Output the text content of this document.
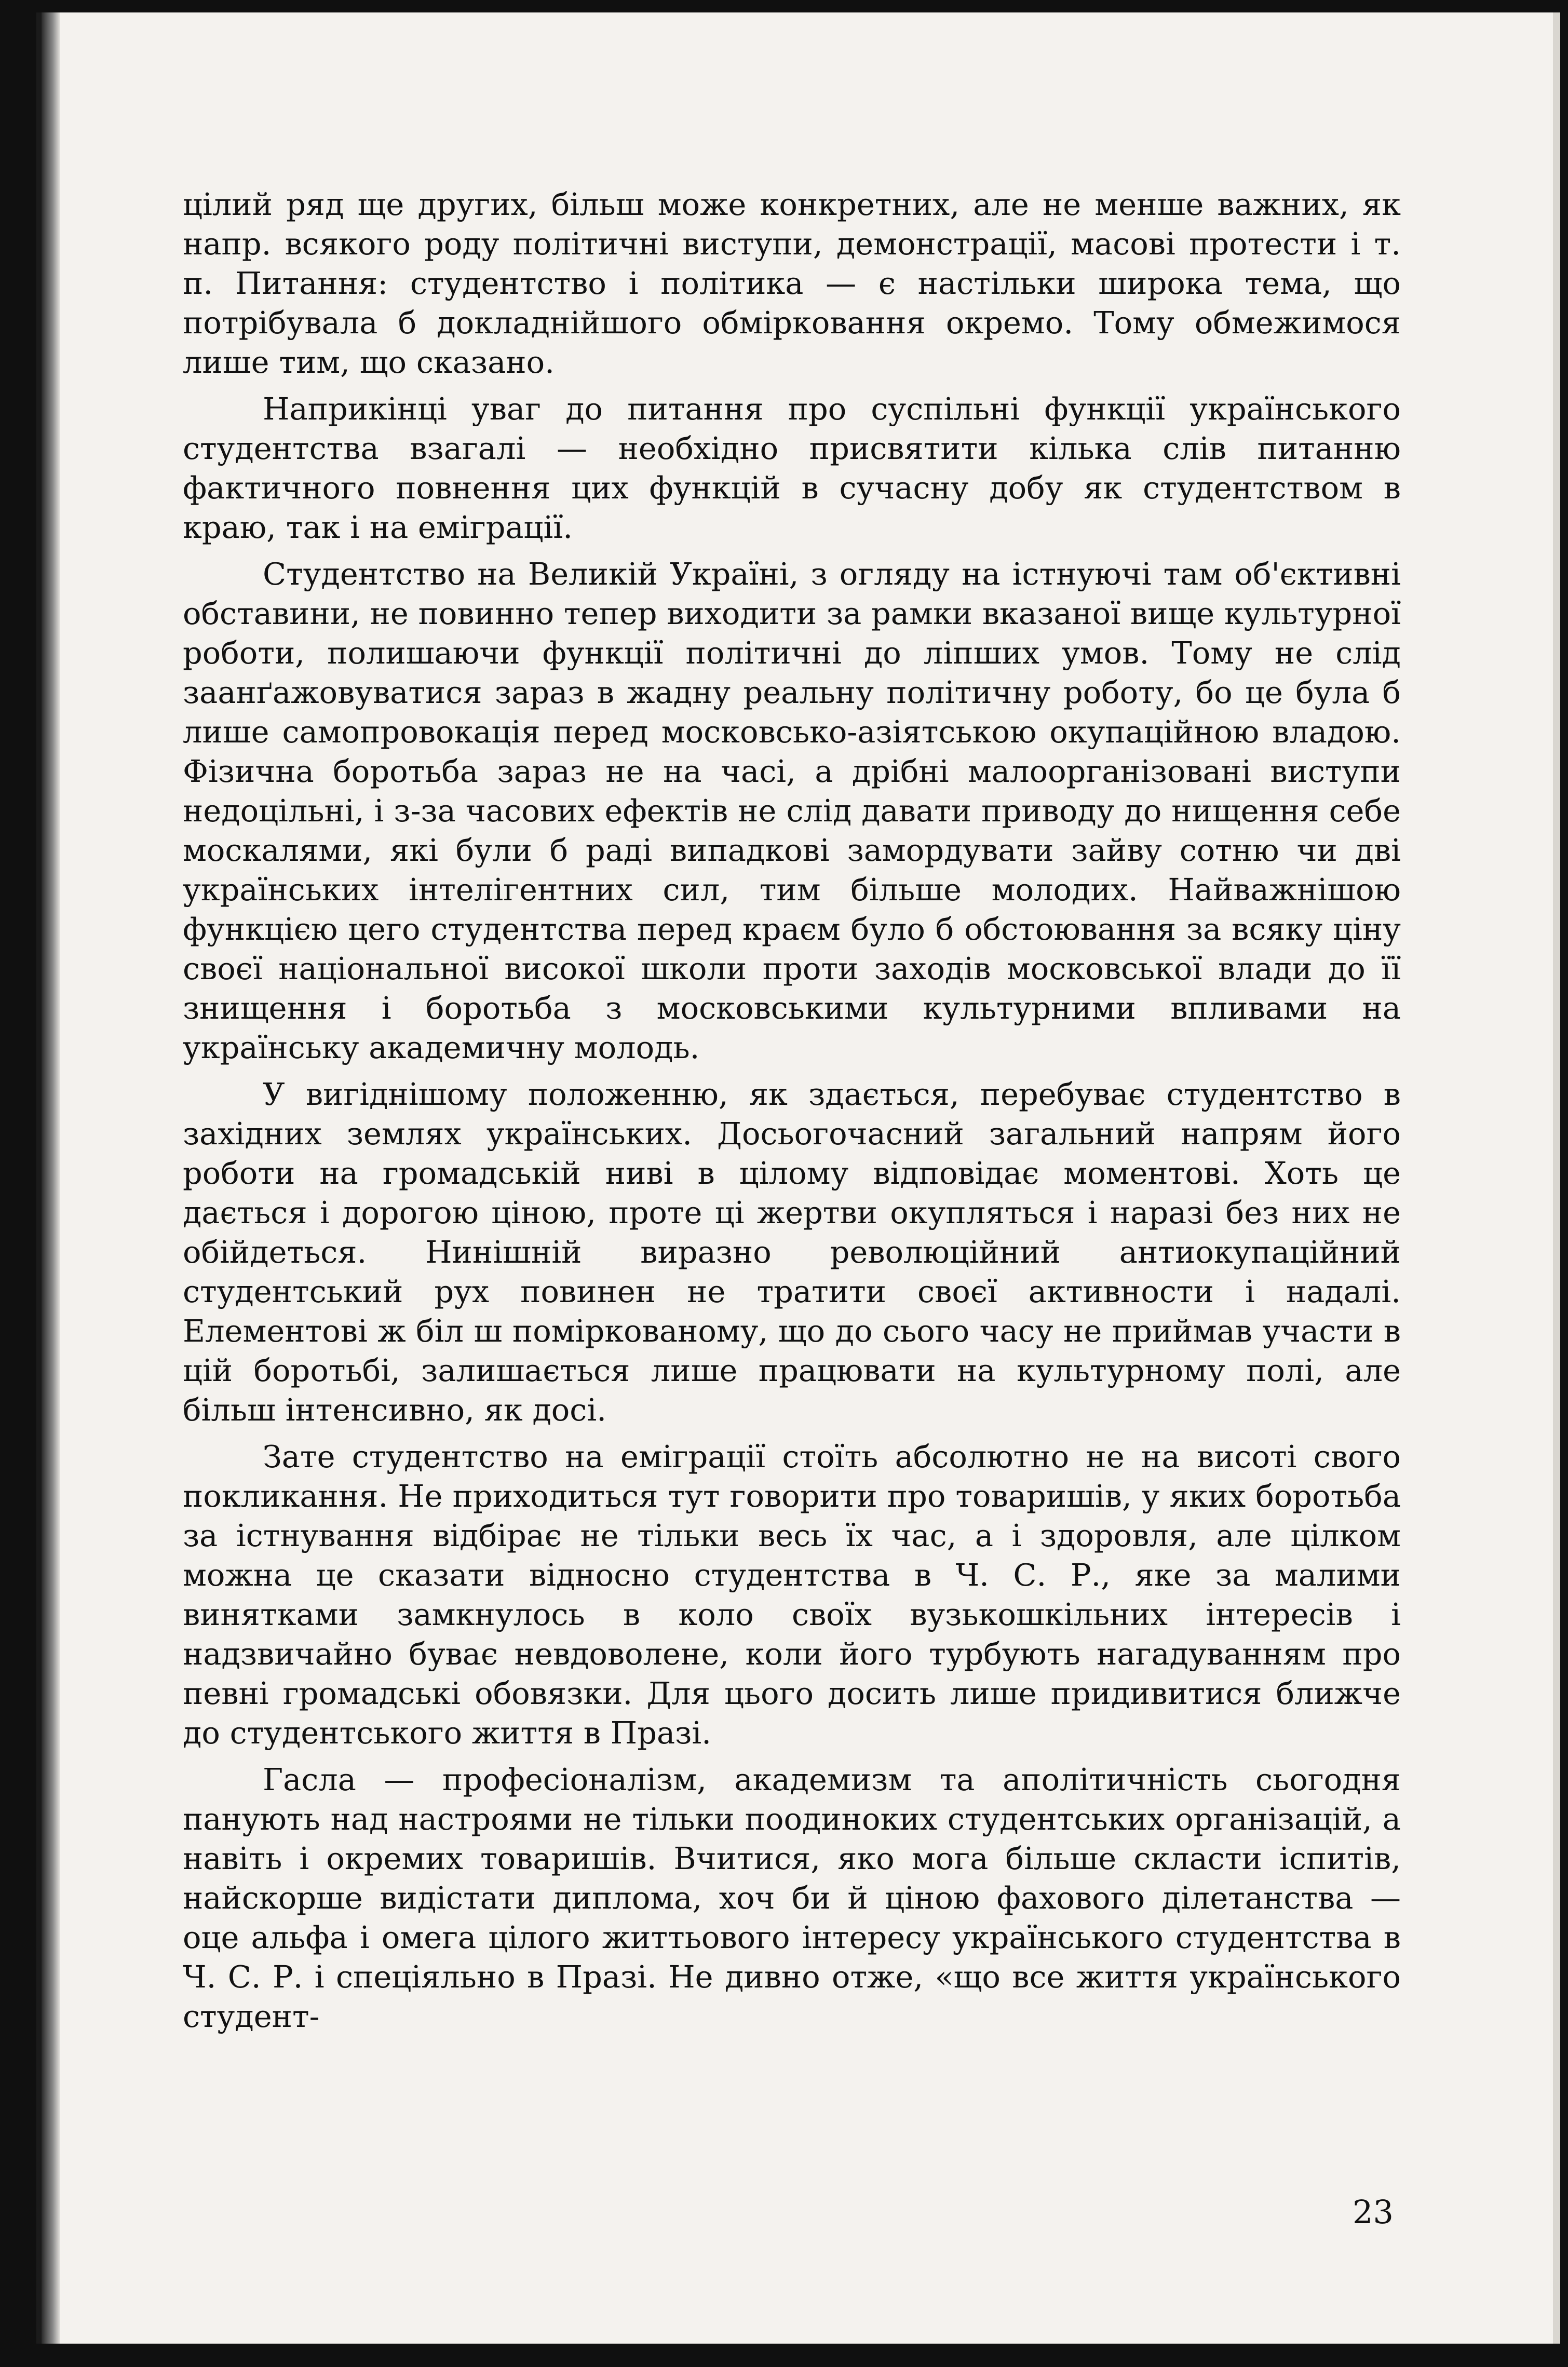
цілий ряд ще других, більш може конкретних, але не менше важних, як напр. всякого роду політичні виступи, демонстрації, масові протести і т. п. Питання: студентство і політика — є настільки широка тема, що потрібувала б докладнійшого обмірковання окремо. Тому обмежимося лише тим, що сказано.

Наприкінці уваг до питання про суспільні функції українського студентства взагалі — необхідно присвятити кілька слів питанню фактичного повнення цих функцій в сучасну добу як студентством в краю, так і на еміграції.

Студентство на Великій Україні, з огляду на істнуючі там об'єктивні обставини, не повинно тепер виходити за рамки вказаної вище культурної роботи, полишаючи функції політичні до ліпших умов. Тому не слід заанґажовуватися зараз в жадну реальну політичну роботу, бо це була б лише самопровокація перед московсько-азіятською окупаційною владою. Фізична боротьба зараз не на часі, а дрібні малоорганізовані виступи недоцільні, і з-за часових ефектів не слід давати приводу до нищення себе москалями, які були б раді випадкові замордувати зайву сотню чи дві українських інтелігентних сил, тим більше молодих. Найважнішою функцією цего студентства перед краєм було б обстоювання за всяку ціну своєї національної високої школи проти заходів московської влади до її знищення і боротьба з московськими культурними впливами на українську академичну молодь.

У вигіднішому положенню, як здається, перебуває студентство в західних землях українських. Досьогочасний загальний напрям його роботи на громадській ниві в цілому відповідає моментові. Хоть це дається і дорогою ціною, проте ці жертви окупляться і наразі без них не обійдеться. Нинішній виразно революційний антиокупаційний студентський рух повинен не тратити своєї активности і надалі. Елементові ж біл ш поміркованому, що до сього часу не приймав участи в цій боротьбі, залишається лише працювати на культурному полі, але більш інтенсивно, як досі.

Зате студентство на еміграції стоїть абсолютно не на висоті свого покликання. Не приходиться тут говорити про товаришів, у яких боротьба за істнування відбірає не тільки весь їх час, а і здоровля, але цілком можна це сказати відносно студентства в Ч. С. Р., яке за малими винятками замкнулось в коло своїх вузькошкільних інтересів і надзвичайно буває невдоволене, коли його турбують нагадуванням про певні громадські обовязки. Для цього досить лише придивитися ближче до студентського життя в Празі.

Гасла — професіоналізм, академизм та аполітичність сьогодня панують над настроями не тільки поодиноких студентських організацій, а навіть і окремих товаришів. Вчитися, яко мога більше скласти іспитів, найскорше видістати диплома, хоч би й ціною фахового ділетанства — оце альфа і омега цілого життьового інтересу українського студентства в Ч. С. Р. і спеціяльно в Празі. Не дивно отже, «що все життя українського студент-

23
